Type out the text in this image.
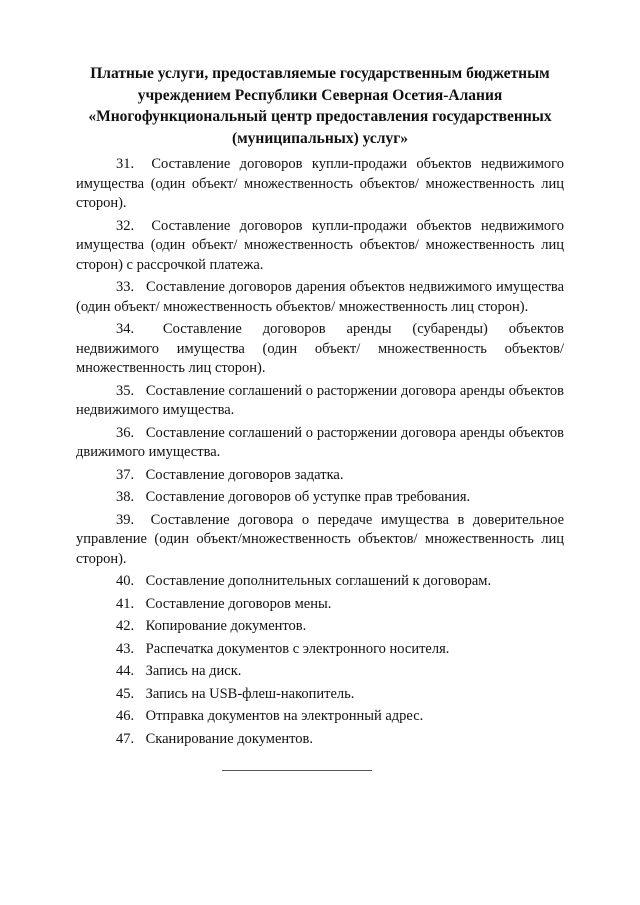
Платные услуги, предоставляемые государственным бюджетным
учреждением Республики Северная Осетия-Алания
«Многофункциональный центр предоставления государственных
(муниципальных) услуг»

31. Составление договоров купли-продажи объектов недвижимого имущества (один объект/ множественность объектов/ множественность лиц сторон).

32. Составление договоров купли-продажи объектов недвижимого имущества (один объект/ множественность объектов/ множественность лиц сторон) с рассрочкой платежа.

33. Составление договоров дарения объектов недвижимого имущества (один объект/ множественность объектов/ множественность лиц сторон).

34. Составление договоров аренды (субаренды) объектов недвижимого имущества (один объект/ множественность объектов/ множественность лиц сторон).

35. Составление соглашений о расторжении договора аренды объектов недвижимого имущества.

36. Составление соглашений о расторжении договора аренды объектов движимого имущества.

37. Составление договоров задатка.

38. Составление договоров об уступке прав требования.

39. Составление договора о передаче имущества в доверительное управление (один объект/множественность объектов/ множественность лиц сторон).

40. Составление дополнительных соглашений к договорам.

41. Составление договоров мены.

42. Копирование документов.

43. Распечатка документов с электронного носителя.

44. Запись на диск.

45. Запись на USB-флеш-накопитель.

46. Отправка документов на электронный адрес.

47. Сканирование документов.
